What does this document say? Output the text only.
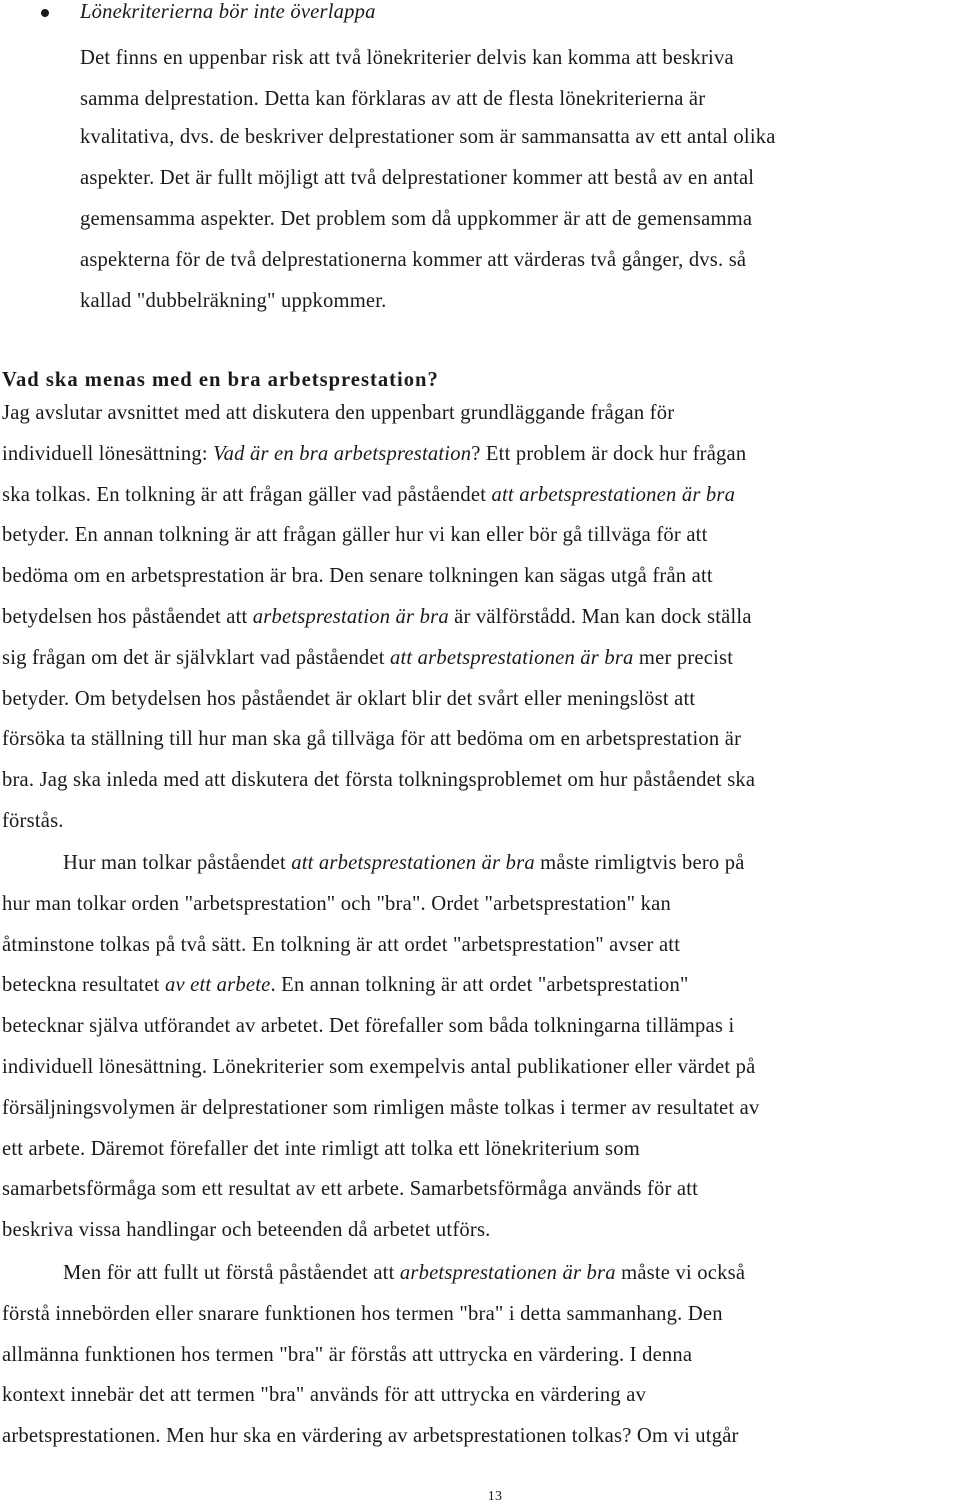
Lönekriterierna bör inte överlappa
Det finns en uppenbar risk att två lönekriterier delvis kan komma att beskriva
samma delprestation. Detta kan förklaras av att de flesta lönekriterierna är
kvalitativa, dvs. de beskriver delprestationer som är sammansatta av ett antal olika
aspekter. Det är fullt möjligt att två delprestationer kommer att bestå av en antal
gemensamma aspekter. Det problem som då uppkommer är att de gemensamma
aspekterna för de två delprestationerna kommer att värderas två gånger, dvs. så
kallad "dubbelräkning" uppkommer.
Vad ska menas med en bra arbetsprestation?
Jag avslutar avsnittet med att diskutera den uppenbart grundläggande frågan för
individuell lönesättning: Vad är en bra arbetsprestation? Ett problem är dock hur frågan
ska tolkas. En tolkning är att frågan gäller vad påståendet att arbetsprestationen är bra
betyder. En annan tolkning är att frågan gäller hur vi kan eller bör gå tillväga för att
bedöma om en arbetsprestation är bra. Den senare tolkningen kan sägas utgå från att
betydelsen hos påståendet att arbetsprestation är bra är välförstådd. Man kan dock ställa
sig frågan om det är självklart vad påståendet att arbetsprestationen är bra mer precist
betyder. Om betydelsen hos påståendet är oklart blir det svårt eller meningslöst att
försöka ta ställning till hur man ska gå tillväga för att bedöma om en arbetsprestation är
bra. Jag ska inleda med att diskutera det första tolkningsproblemet om hur påståendet ska
förstås.
Hur man tolkar påståendet att arbetsprestationen är bra måste rimligtvis bero på
hur man tolkar orden "arbetsprestation" och "bra". Ordet "arbetsprestation" kan
åtminstone tolkas på två sätt. En tolkning är att ordet "arbetsprestation" avser att
beteckna resultatet av ett arbete. En annan tolkning är att ordet "arbetsprestation"
betecknar själva utförandet av arbetet. Det förefaller som båda tolkningarna tillämpas i
individuell lönesättning. Lönekriterier som exempelvis antal publikationer eller värdet på
försäljningsvolymen är delprestationer som rimligen måste tolkas i termer av resultatet av
ett arbete. Däremot förefaller det inte rimligt att tolka ett lönekriterium som
samarbetsförmåga som ett resultat av ett arbete. Samarbetsförmåga används för att
beskriva vissa handlingar och beteenden då arbetet utförs.
Men för att fullt ut förstå påståendet att arbetsprestationen är bra måste vi också
förstå innebörden eller snarare funktionen hos termen "bra" i detta sammanhang. Den
allmänna funktionen hos termen "bra" är förstås att uttrycka en värdering. I denna
kontext innebär det att termen "bra" används för att uttrycka en värdering av
arbetsprestationen. Men hur ska en värdering av arbetsprestationen tolkas? Om vi utgår
13
